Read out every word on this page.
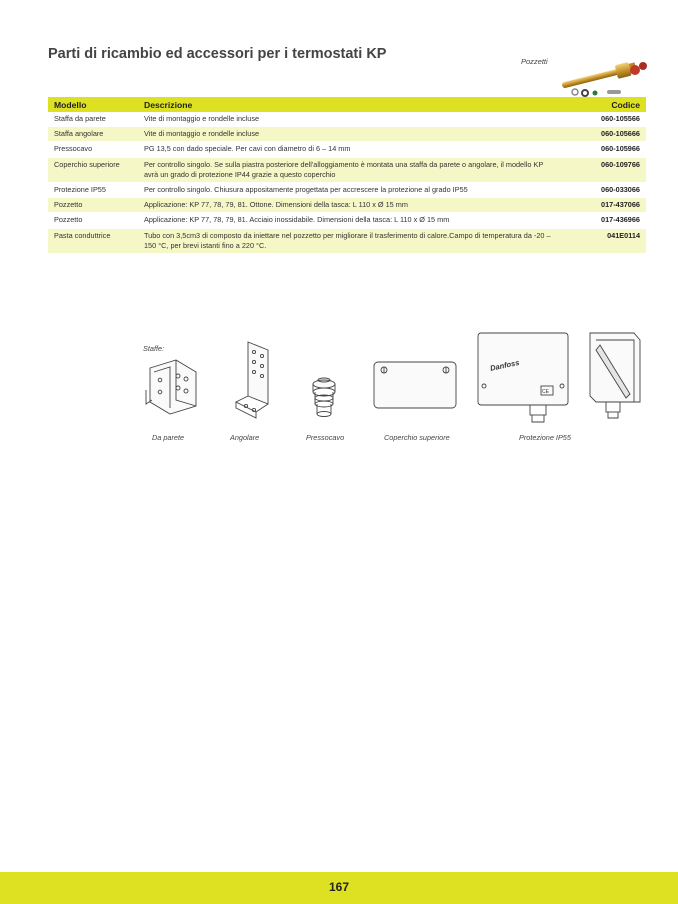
Parti di ricambio ed accessori per i termostati KP	Pozzetti
Modello	Descrizione	Codice
Staffa da parete	Vite di montaggio e rondelle incluse	060-105566
Staffa angolare	Vite di montaggio e rondelle incluse	060-105666
Pressocavo	PG 13,5 con dado speciale. Per cavi con diametro di 6 – 14 mm	060-105966
Coperchio superiore	Per controllo singolo. Se sulla piastra posteriore dell'alloggiamento è montata una staffa da parete o angolare, il modello KP avrà un grado di protezione IP44 grazie a questo coperchio	060-109766
Protezione IP55	Per controllo singolo. Chiusura appositamente progettata per accrescere la protezione al grado IP55	060-033066
Pozzetto	Applicazione: KP 77, 78, 79, 81. Ottone. Dimensioni della tasca: L 110 x Ø 15 mm	017-437066
Pozzetto	Applicazione: KP 77, 78, 79, 81. Acciaio inossidabile. Dimensioni della tasca: L 110 x Ø 15 mm	017-436966
Pasta conduttrice	Tubo con 3,5cm3 di composto da iniettare nel pozzetto per migliorare il trasferimento di calore.Campo di temperatura da -20 – 150 °C, per brevi istanti fino a 220 °C.	041E0114
Staffe:
Danfoss
CE
Da parete	Angolare	Pressocavo	Coperchio superiore	Protezione IP55
167
